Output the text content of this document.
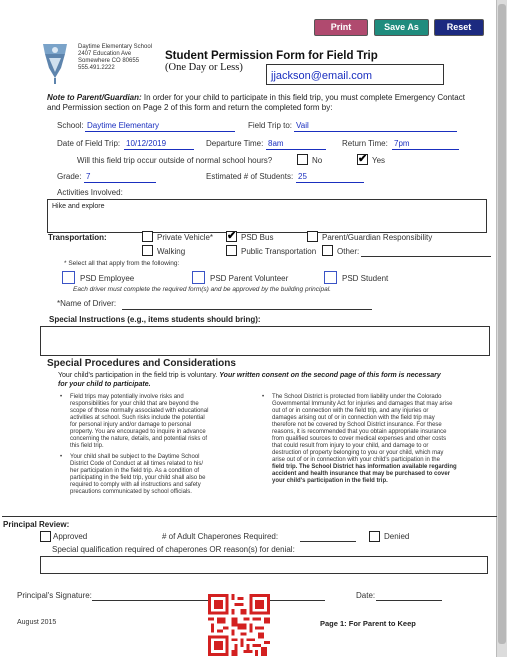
Print	Save As	Reset Form
Daytime Elementary School
2407 Education Ave
Somewhere CO 80655
555.491.2222
Student Permission Form for Field Trip
(One Day or Less)
jjackson@email.com
Note to Parent/Guardian: In order for your child to participate in this field trip, you must complete Emergency Contact
and Permission section on Page 2 of this form and return the completed form by:
School: Daytime Elementary	Field Trip to: Vail
Date of Field Trip: 10/12/2019	Departure Time: 8am	Return Time: 7pm
Will this field trip occur outside of normal school hours?	No	✔ Yes
Grade: 7	Estimated # of Students: 25
Activities Involved:
Hike and explore
Transportation:	Private Vehicle* ✔ PSD Bus	Parent/Guardian Responsibility
Walking	Public Transportation	Other:
* Select all that apply from the following:
PSD Employee	PSD Parent Volunteer	PSD Student
Each driver must complete the required form(s) and be approved by the building principal.
*Name of Driver:
Special Instructions (e.g., items students should bring):
Special Procedures and Considerations
Your child's participation in the field trip is voluntary. Your written consent on the second page of this form is necessary
for your child to participate.
• Field trips may potentially involve risks and
responsibilities for your child that are beyond the
scope of those normally associated with educational
activities at school. Such risks include the potential
for personal injury and/or damage to personal
property. You are encouraged to inquire in advance
concerning the nature, details, and potential risks of
this field trip.
• Your child shall be subject to the Daytime School
District Code of Conduct at all times related to his/
her participation in the field trip. As a condition of
participating in the field trip, your child shall also be
required to comply with all instructions and safety
precautions communicated by school officials.
• The School District is protected from liability under the Colorado
Governmental Immunity Act for injuries and damages that may arise
out of or in connection with the field trip, and any injuries or
damages arising out of or in connection with the field trip may
therefore not be covered by School District insurance. For these
reasons, it is recommended that you obtain appropriate insurance
from qualified sources to cover medical expenses and other costs
that could result from injury to your child, and damage to or
destruction of property belonging to you or your child, which may
arise out of or in connection with your child's participation in the
field trip. The School District has information available regarding
accident and health insurance that may be purchased to cover
your child's participation in the field trip.
Principal Review:
Approved	# of Adult Chaperones Required:	Denied
Special qualification required of chaperones OR reason(s) for denial:
Principal's Signature:	Date:
August 2015	Page 1: For Parent to Keep
